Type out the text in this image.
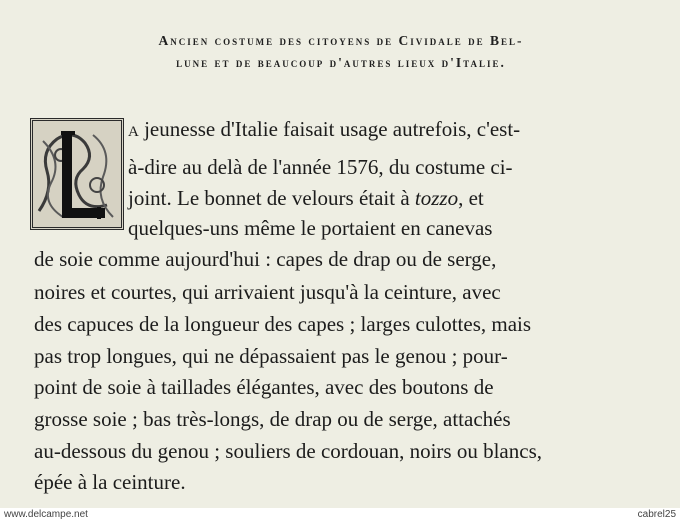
Ancien costume des citoyens de Cividale de Bel-
lune et de beaucoup d'autres lieux d'Italie.

a jeunesse d'Italie faisait usage autrefois, c'est-

à-dire au delà de l'année 1576, du costume ci-

joint. Le bonnet de velours était à tozzo, et

quelques-uns même le portaient en canevas

de soie comme aujourd'hui : capes de drap ou de serge,

noires et courtes, qui arrivaient jusqu'à la ceinture, avec

des capuces de la longueur des capes ; larges culottes, mais

pas trop longues, qui ne dépassaient pas le genou ; pour-

point de soie à taillades élégantes, avec des boutons de

grosse soie ; bas très-longs, de drap ou de serge, attachés

au-dessous du genou ; souliers de cordouan, noirs ou blancs,

épée à la ceinture.

www.delcampe.net	cabrel25
